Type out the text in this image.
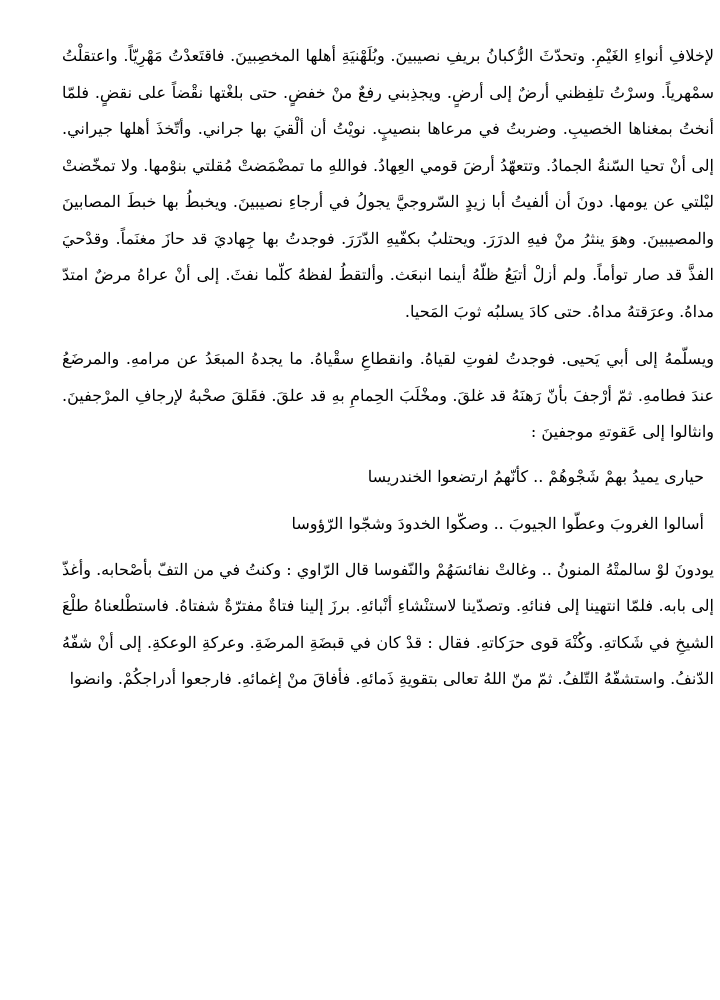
لإخلافِ أنواءِ الغَيْمِ. وتحدّثَ الرُّكبانُ بريفِ نصيبينَ. وبُلَهْنيَةِ أهلها المخصِبينَ. فاقتَعدْتُ مَهْرِيّاً. واعتقلْتُ سمْهرياً. وسرْتُ تلفِظني أرضٌ إلى أرضٍ. ويجذِبني رفعٌ منْ خفضٍ. حتى بلغْتها نقْضاً على نقضٍ. فلمّا أنختُ بمغناها الخصيبِ. وضربتُ في مرعاها بنصيبٍ. نويْتُ أن ألْقيَ بها جراني. وأتّخذَ أهلها جيراني. إلى أنْ تحيا السّنةُ الجمادُ. وتتعهّدُ أرضَ قومي العِهادُ. فواللهِ ما تمضْمَضتْ مُقلتي بنوْمها. ولا تمخّضتْ ليْلتي عن يومها. دونَ أن ألفيتُ أبا زيدٍ السّروجيَّ يجولُ في أرجاءِ نصيبينَ. ويخبطُ بها خبطَ المصابينَ والمصيبينَ. وهوَ ينثرُ منْ فيهِ الدرَرَ. ويحتلبُ بكفّيهِ الدّرَرَ. فوجدتُ بها جِهاديَ قد حازَ مغنَماً. وقدْحيَ الفذَّ قد صار توأماً. ولم أزلْ أتبَعُ ظلّهُ أينما انبعَث. وألتقطُ لفظهُ كلّما نفثَ. إلى أنْ عراهُ مرضٌ امتدّ مداهُ. وعرَقتهُ مداهُ. حتى كادَ يسلبُه ثوبَ المَحيا.

ويسلّمهُ إلى أبي يَحيى. فوجدتُ لفوتِ لقياهُ. وانقطاعِ سقْياهُ. ما يجدهُ المبعَدُ عن مرامهِ. والمرضَعُ عندَ فطامهِ. ثمّ أرْجفَ بأنّ رَهنَهُ قد غلقَ. ومخْلَبَ الحِمامِ بهِ قد علقَ. فقَلقَ صحْبهُ لإرجافِ المرْجفينَ. وانثالوا إلى عَقوتهِ موجفينَ :

حيارى يميدُ بهمْ شَجْوهُمْ .. كأنّهمُ ارتضعوا الخندريسا

أسالوا الغروبَ وعطّوا الجيوبَ .. وصكّوا الخدودَ وشجّوا الرّؤوسا

يودونَ لوْ سالمتْهُ المنونُ .. وغالتْ نفائسَهُمْ والنّفوسا قال الرّاوي : وكنتُ في من التفّ بأصْحابه. وأغذّ إلى بابه. فلمّا انتهينا إلى فنائهِ. وتصدّينا لاستنْشاءِ أنْبائهِ. برزَ إلينا فتاةٌ مفترّةٌ شفتاهُ. فاستطْلعناهُ طلْعَ الشيخِ في شَكاتهِ. وكُنْهَ قوى حرَكاتهِ. فقال : قدْ كان في قبضَةِ المرضَةِ. وعركةِ الوعكةِ. إلى أنْ شفّهُ الدّنفُ. واستشفّهُ التّلفُ. ثمّ منّ اللهُ تعالى بتقويةِ ذَمائهِ. فأفاقَ منْ إغمائهِ. فارجعوا أدراجكُمْ. وانضوا
